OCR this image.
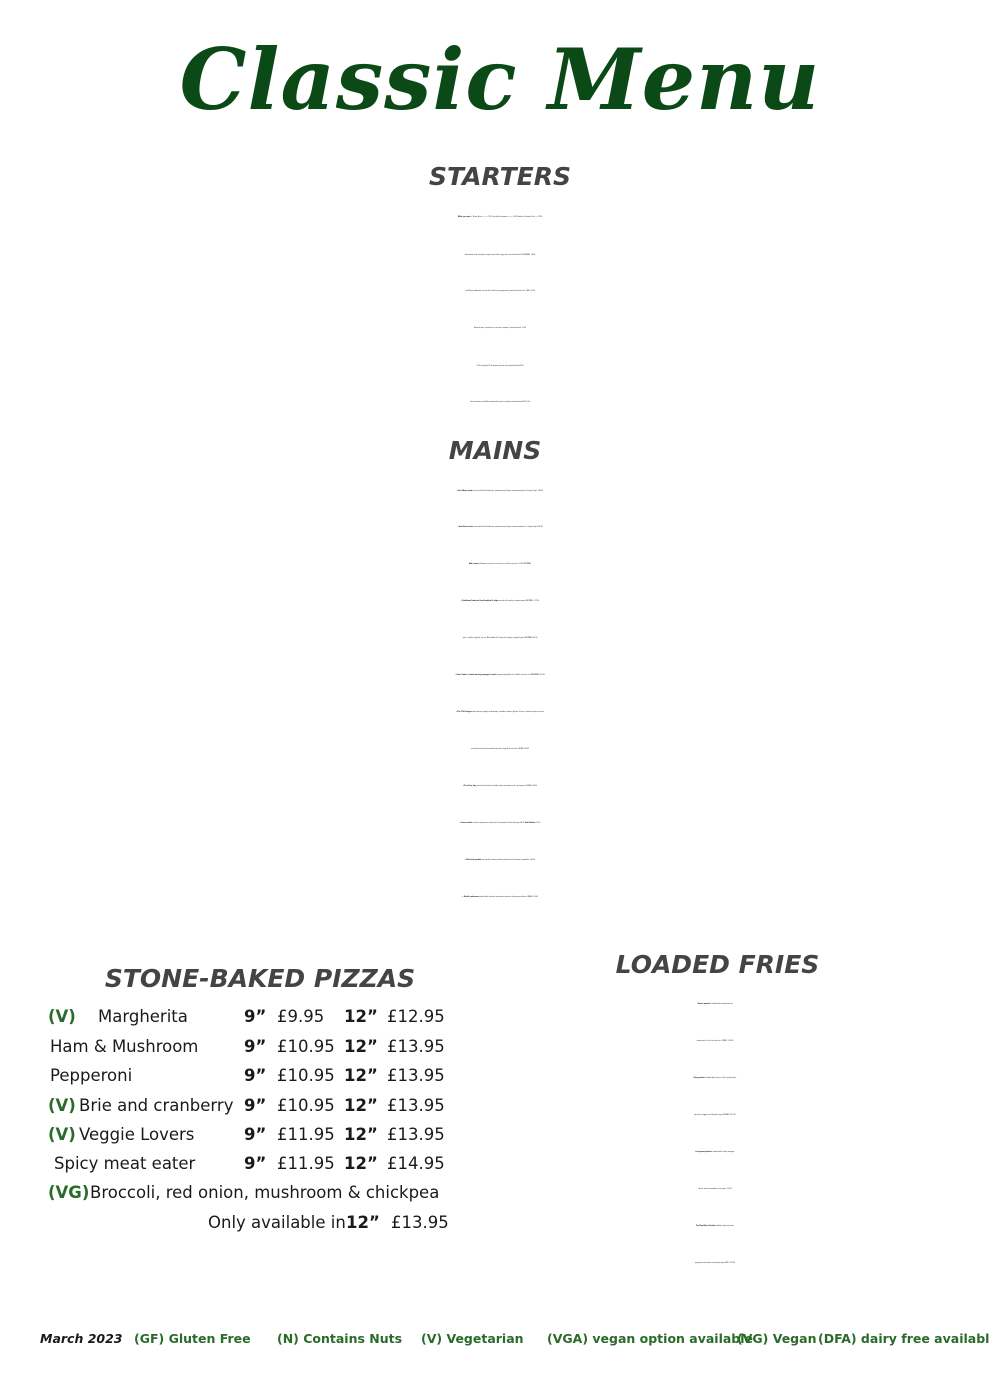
Classic Menu
STARTERS
While you wait…  Mixed olives (V/GF) £2.95  Sun-blush tomatoes (V/GF) £2.95 Basket of breads & oils (V) £2.95
Homemade leek and potato soup served with crispy leeks and fresh bread  (VG)(GFA)  £6.95
Cauliflower tabbouleh served with scallions, pomegranate seeds and fresh mint  (VG)  £6.95
Brussels pate, cornichon's, red onion chutney & toasted bread  £7.50
Chilli and garlic Pil Pil prawns served with toasted bread £9.95
Fresh tomato and buffalo mozzarella served on garlicy toasted bread (V) £9.50
MAINS
+8oz Ribeye steak served with field mushroom, parmesan and thyme roasted tomatoes & chunky chips  £28.95
+ 8oz Bistro steak served with field mushroom, parmesan and thyme roasted tomatoes & chunky chips £24.95
Add a sauce: Peppercorn sauce, red wine jus or stilton sauce for £2.50 (GF/DFA)
+Traditional battered fresh haddock & chips served with mushy or garden peas (GF/DFA)  £17.50
+For a smaller appetite, try our Mini haddock & chips with mushy or garden peas (GF/DFA) £10.50
+Owen Taylor’s award winning sausage & mash seasonal vegetables & a shallot red wine jus (VGA/DFA) £14.95
+The 1744 burger: 6oz premium quality steak burger, cheddar, tomato, gherkin, lettuce, chipotle mayo served on
a brioche bun with homemade slaw onion rings & skin-on fries (VGA) £15.95
+Pie of the day: served with mash or chunky chips, seasonal veg & a red wine jus (VGA) £16.50
+Caesar salad: croutons, parmesan, anchovies & homemade Caesar dressing £9.95  Add Chicken £3.50
+Rich beef goulash served with creamy mashed potatoes and seasonal vegetables £14.95
+ British carbonara cooked with chestnut mushroom, pancetta & parmesan cheese (VGA) £14.50
STONE-BAKED PIZZAS
(V) Margherita	9” £9.95 12” £12.95
Ham & Mushroom	9” £10.95 12” £13.95
Pepperoni	9” £10.95 12” £13.95
(V) Brie and cranberry 9” £10.95 12” £13.95
(V) Veggie Lovers	9” £11.95 12” £13.95
Spicy meat eater	9” £11.95 12” £14.95
(VG) Broccoli, red onion, mushroom & chickpea
Only available in 12” £13.95
LOADED FRIES
Classic poutine: Loaded with mozzarella and
smothered in a rich red wine jus  (V/GF)  £10.95
Dirty poutine: Loaded with cheese, chilis, spring onion,
pancetta, peppers and chipotle mayo (GF/VA)  £12.95
Currywurst poutine: Loaded with smoky sausage,
cheese and a homemade curry sauce £13.50
The Meat Eater Poutine: Salami, pancetta, ham,
pepperoni, prosciutto and smoky mayo (GF)  £14.95
March 2023 (GF) Gluten Free (N) Contains Nuts (V) Vegetarian (VGA) vegan option available
(VG) Vegan (DFA) dairy free availabl
